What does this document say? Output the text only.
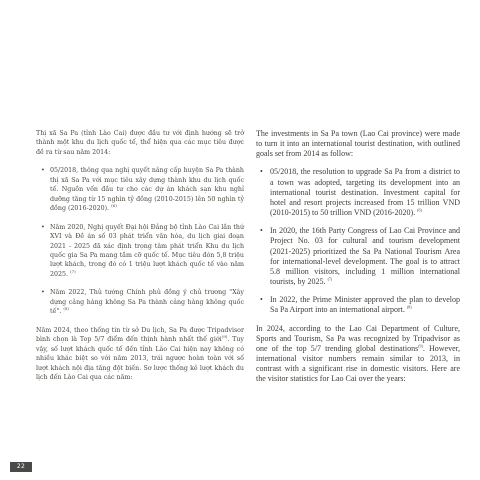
Thị xã Sa Pa (tỉnh Lào Cai) được đầu tư với định hướng sẽ trở thành một khu du lịch quốc tế, thể hiện qua các mục tiêu được đề ra từ sau năm 2014:

• 05/2018, thông qua nghị quyết nâng cấp huyện Sa Pa thành thị xã Sa Pa với mục tiêu xây dựng thành khu du lịch quốc tế. Nguồn vốn đầu tư cho các dự án khách sạn khu nghỉ dưỡng tăng từ 15 nghìn tỷ đồng (2010-2015) lên 50 nghìn tỷ đồng (2016-2020). $^{(6)}$
• Năm 2020, Nghị quyết Đại hội Đảng bộ tỉnh Lào Cai lần thứ XVI và Đề án số 03 phát triển văn hóa, du lịch giai đoạn 2021 - 2025 đã xác định trọng tâm phát triển Khu du lịch quốc gia Sa Pa mang tầm cỡ quốc tế. Mục tiêu đón 5,8 triệu lượt khách, trong đó có 1 triệu lượt khách quốc tế vào năm 2025. $^{(7)}$
• Năm 2022, Thủ tướng Chính phủ đồng ý chủ trương "Xây dựng cảng hàng không Sa Pa thành cảng hàng không quốc tế". $^{(8)}$

Năm 2024, theo thống tin từ sở Du lịch, Sa Pa được Tripadvisor bình chọn là Top 5/7 điểm đến thịnh hành nhất thế giới$^{(9)}$. Tuy vậy, số lượt khách quốc tế đến tỉnh Lào Cai hiện nay không có nhiều khác biệt so với năm 2013, trái ngược hoàn toàn với số lượt khách nội địa tăng đột biến. Sơ lược thống kê lượt khách du lịch đến Lào Cai qua các năm:

The investments in Sa Pa town (Lao Cai province) were made to turn it into an international tourist destination, with outlined goals set from 2014 as follow:

• 05/2018, the resolution to upgrade Sa Pa from a district to a town was adopted, targeting its development into an international tourist destination. Investment capital for hotel and resort projects increased from 15 trillion VND (2010-2015) to 50 trillion VND (2016-2020). $^{(6)}$
• In 2020, the 16th Party Congress of Lao Cai Province and Project No. 03 for cultural and tourism development (2021-2025) prioritized the Sa Pa National Tourism Area for international-level development. The goal is to attract 5.8 million visitors, including 1 million international tourists, by 2025. $^{(7)}$
• In 2022, the Prime Minister approved the plan to develop Sa Pa Airport into an international airport. $^{(8)}$

In 2024, according to the Lao Cai Department of Culture, Sports and Tourism, Sa Pa was recognized by Tripadvisor as one of the top 5/7 trending global destinations$^{(9)}$. However, international visitor numbers remain similar to 2013, in contrast with a significant rise in domestic visitors. Here are the visitor statistics for Lao Cai over the years:

22
